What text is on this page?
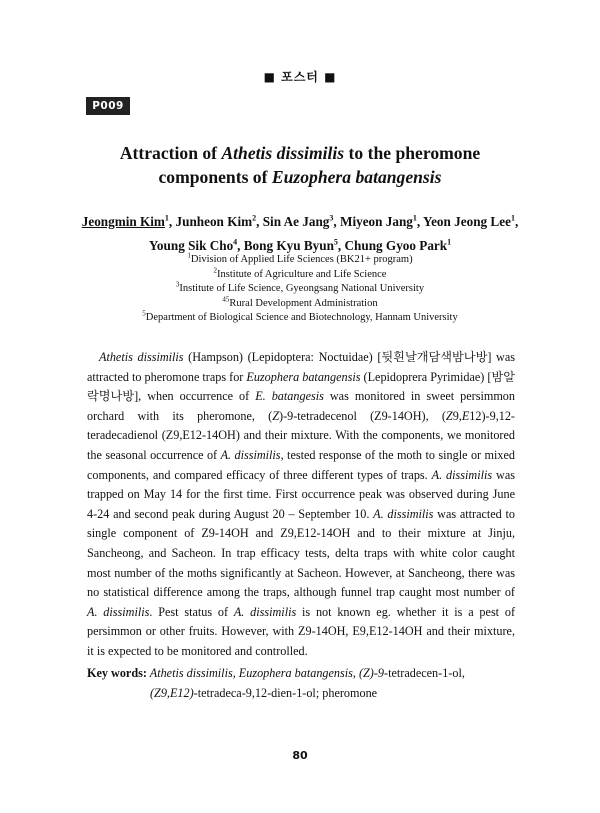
■ 포스터 ■
P009
Attraction of Athetis dissimilis to the pheromone
components of Euzophera batangensis
Jeongmin Kim$^1$, Junheon Kim$^2$, Sin Ae Jang$^3$, Miyeon Jang$^1$, Yeon Jeong Lee$^1$,
Young Sik Cho$^4$, Bong Kyu Byun$^5$, Chung Gyoo Park$^1$
$^1$Division of Applied Life Sciences (BK21+ program)
$^2$Institute of Agriculture and Life Science
$^3$Institute of Life Science, Gyeongsang National University
$^{45}$Rural Development Administration
$^5$Department of Biological Science and Biotechnology, Hannam University
Athetis dissimilis (Hampson) (Lepidoptera: Noctuidae) [뒷흰날개담색밤나방] was attracted to pheromone traps for Euzophera batangensis (Lepidoprera Pyrimidae) [밤알락명나방], when occurrence of E. batangesis was monitored in sweet persimmon orchard with its pheromone, (Z)-9-tetradecenol (Z9-14OH), (Z9,E12)-9,12-teradecadienol (Z9,E12-14OH) and their mixture. With the components, we monitored the seasonal occurrence of A. dissimilis, tested response of the moth to single or mixed components, and compared efficacy of three different types of traps. A. dissimilis was trapped on May 14 for the first time. First occurrence peak was observed during June 4-24 and second peak during August 20 – September 10. A. dissimilis was attracted to single component of Z9-14OH and Z9,E12-14OH and to their mixture at Jinju, Sancheong, and Sacheon. In trap efficacy tests, delta traps with white color caught most number of the moths significantly at Sacheon. However, at Sancheong, there was no statistical difference among the traps, although funnel trap caught most number of A. dissimilis. Pest status of A. dissimilis is not known eg. whether it is a pest of persimmon or other fruits. However, with Z9-14OH, E9,E12-14OH and their mixture, it is expected to be monitored and controlled.
Key words: Athetis dissimilis, Euzophera batangensis, (Z)-9-tetradecen-1-ol,
(Z9,E12)-tetradeca-9,12-dien-1-ol; pheromone
80
